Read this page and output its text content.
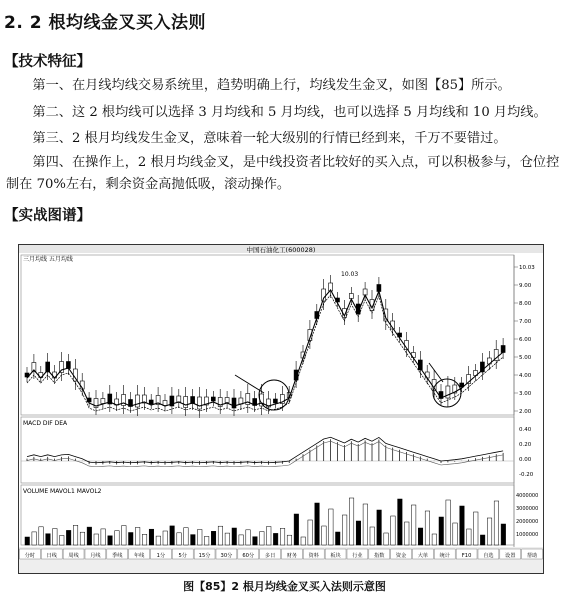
2. 2 根均线金叉买入法则
【技术特征】
第一、在月线均线交易系统里，趋势明确上行，均线发生金叉，如图【85】所示。
第二、这 2 根均线可以选择 3 月均线和 5 月均线，也可以选择 5 月均线和 10 月均线。
第三、2 根月均线发生金叉，意味着一轮大级别的行情已经到来，千万不要错过。
第四、在操作上，2 根月均线金叉，是中线投资者比较好的买入点，可以积极参与，仓位控制在 70%左右，剩余资金高抛低吸，滚动操作。
【实战图谱】
中国石油化工(600028)
三月均线 五月均线
10.03
9.00
8.00
7.00
6.00
5.00
4.00
3.00
2.00
10.03
MACD DIF DEA
0.40
0.20
0.00
-0.20
VOLUME MAVOL1 MAVOL2
4000000
3000000
2000000
1000000
分时 日线 周线 月线 季线 年线 1分	5分 15分 30分 60分 多日 财务 资料 板块 行业 指数 资金 大单 统计 F10 自选 设置 帮助
图【85】2 根月均线金叉买入法则示意图
